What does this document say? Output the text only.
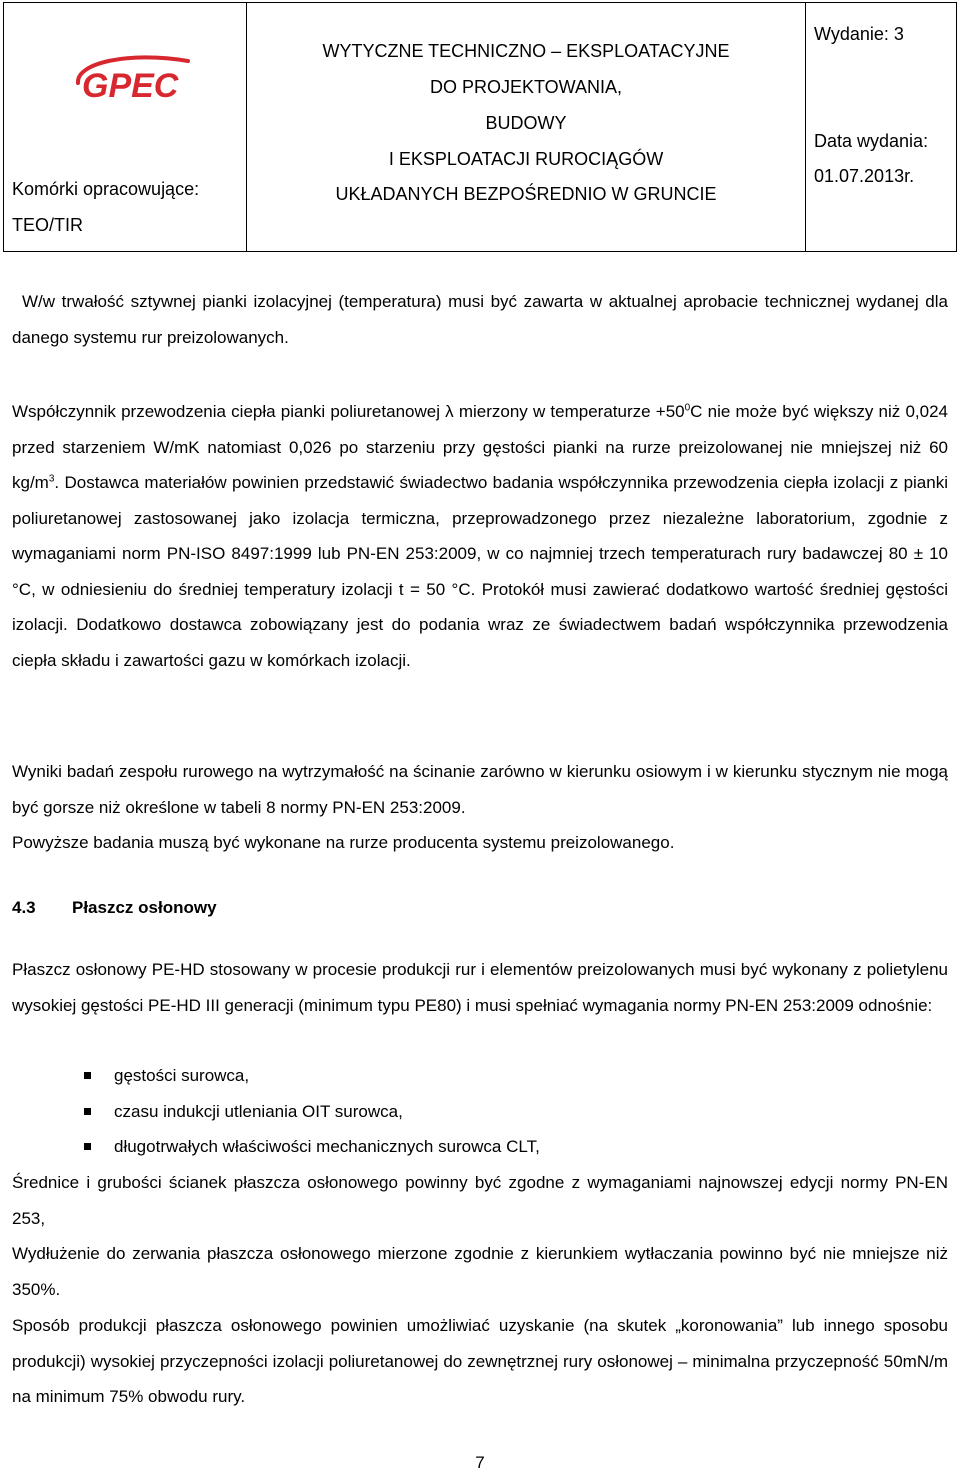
GPEC
Komórki opracowujące:
TEO/TIR
WYTYCZNE TECHNICZNO – EKSPLOATACYJNE
DO PROJEKTOWANIA,
BUDOWY
I EKSPLOATACJI RUROCIĄGÓW
UKŁADANYCH BEZPOŚREDNIO W GRUNCIE
Wydanie: 3
Data wydania:
01.07.2013r.

W/w trwałość sztywnej pianki izolacyjnej (temperatura) musi być zawarta w aktualnej aprobacie technicznej wydanej dla danego systemu rur preizolowanych.

Współczynnik przewodzenia ciepła pianki poliuretanowej λ mierzony w temperaturze $+50^0C$ nie może być większy niż 0,024 przed starzeniem W/mK natomiast 0,026 po starzeniu przy gęstości pianki na rurze preizolowanej nie mniejszej niż 60 $kg/m^3$. Dostawca materiałów powinien przedstawić świadectwo badania współczynnika przewodzenia ciepła izolacji z pianki poliuretanowej zastosowanej jako izolacja termiczna, przeprowadzonego przez niezależne laboratorium, zgodnie z wymaganiami norm PN-ISO 8497:1999 lub PN-EN 253:2009, w co najmniej trzech temperaturach rury badawczej 80 ± 10 °C, w odniesieniu do średniej temperatury izolacji t = 50 °C. Protokół musi zawierać dodatkowo wartość średniej gęstości izolacji. Dodatkowo dostawca zobowiązany jest do podania wraz ze świadectwem badań współczynnika przewodzenia ciepła składu i zawartości gazu w komórkach izolacji.

Wyniki badań zespołu rurowego na wytrzymałość na ścinanie zarówno w kierunku osiowym i w kierunku stycznym nie mogą być gorsze niż określone w tabeli 8 normy PN-EN 253:2009.

Powyższe badania muszą być wykonane na rurze producenta systemu preizolowanego.

4.3 Płaszcz osłonowy

Płaszcz osłonowy PE-HD stosowany w procesie produkcji rur i elementów preizolowanych musi być wykonany z polietylenu wysokiej gęstości PE-HD III generacji (minimum typu PE80) i musi spełniać wymagania normy PN-EN 253:2009 odnośnie:

gęstości surowca,
czasu indukcji utleniania OIT surowca,
długotrwałych właściwości mechanicznych surowca CLT,

Średnice i grubości ścianek płaszcza osłonowego powinny być zgodne z wymaganiami najnowszej edycji normy PN-EN 253,

Wydłużenie do zerwania płaszcza osłonowego mierzone zgodnie z kierunkiem wytłaczania powinno być nie mniejsze niż 350%.

Sposób produkcji płaszcza osłonowego powinien umożliwiać uzyskanie (na skutek „koronowania” lub innego sposobu produkcji) wysokiej przyczepności izolacji poliuretanowej do zewnętrznej rury osłonowej – minimalna przyczepność 50mN/m na minimum 75% obwodu rury.

7
